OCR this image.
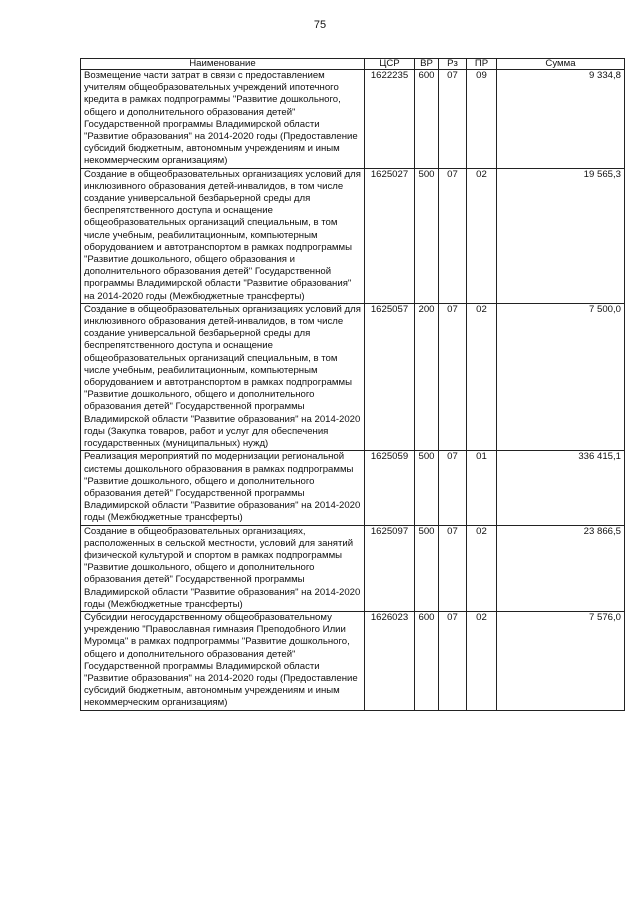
75
Наименование	ЦСР	ВР	Рз	ПР	Сумма
Возмещение части затрат в связи с предоставлением учителям общеобразовательных учреждений ипотечного кредита в рамках подпрограммы "Развитие дошкольного, общего и дополнительного образования детей" Государственной программы Владимирской области "Развитие образования" на 2014-2020 годы (Предоставление субсидий бюджетным, автономным учреждениям и иным некоммерческим организациям)	1622235	600	07	09	9 334,8
Создание в общеобразовательных организациях условий для инклюзивного образования детей-инвалидов, в том числе создание универсальной безбарьерной среды для беспрепятственного доступа и оснащение общеобразовательных организаций специальным, в том числе учебным, реабилитационным, компьютерным оборудованием и автотранспортом в рамках подпрограммы "Развитие дошкольного, общего образования и дополнительного образования детей" Государственной программы Владимирской области "Развитие образования" на 2014-2020 годы (Межбюджетные трансферты)	1625027	500	07	02	19 565,3
Создание в общеобразовательных организациях условий для инклюзивного образования детей-инвалидов, в том числе создание универсальной безбарьерной среды для беспрепятственного доступа и оснащение общеобразовательных организаций специальным, в том числе учебным, реабилитационным, компьютерным оборудованием и автотранспортом в рамках подпрограммы "Развитие дошкольного, общего и дополнительного образования детей" Государственной программы Владимирской области "Развитие образования" на 2014-2020 годы (Закупка товаров, работ и услуг для обеспечения государственных (муниципальных) нужд)	1625057	200	07	02	7 500,0
Реализация мероприятий по модернизации региональной системы дошкольного образования в рамках подпрограммы "Развитие дошкольного, общего и дополнительного образования детей" Государственной программы Владимирской области "Развитие образования" на 2014-2020 годы (Межбюджетные трансферты)	1625059	500	07	01	336 415,1
Создание в общеобразовательных организациях, расположенных в сельской местности, условий для занятий физической культурой и спортом в рамках подпрограммы "Развитие дошкольного, общего и дополнительного образования детей" Государственной программы Владимирской области "Развитие образования" на 2014-2020 годы (Межбюджетные трансферты)	1625097	500	07	02	23 866,5
Субсидии негосударственному общеобразовательному учреждению "Православная гимназия Преподобного Илии Муромца" в рамках подпрограммы "Развитие дошкольного, общего и дополнительного образования детей" Государственной программы Владимирской области "Развитие образования" на 2014-2020 годы (Предоставление субсидий бюджетным, автономным учреждениям и иным некоммерческим организациям)	1626023	600	07	02	7 576,0
